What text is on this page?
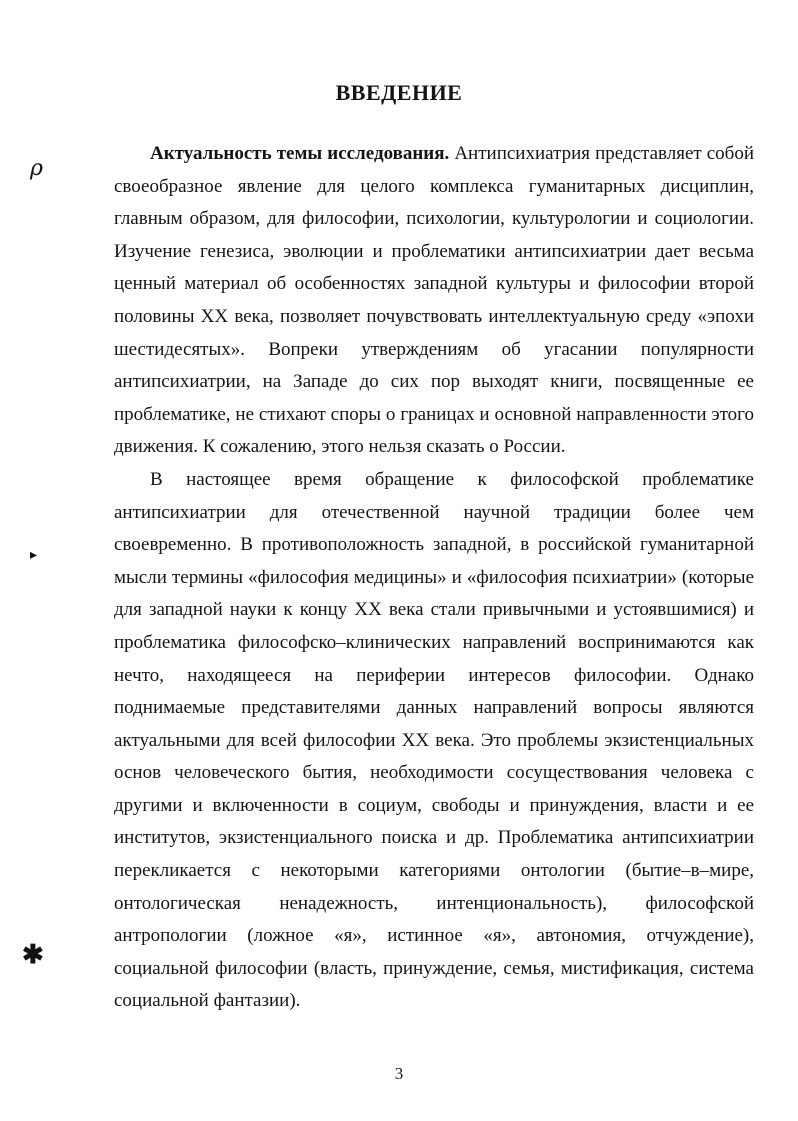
ВВЕДЕНИЕ

Актуальность темы исследования. Антипсихиатрия представляет собой своеобразное явление для целого комплекса гуманитарных дисциплин, главным образом, для философии, психологии, культурологии и социологии. Изучение генезиса, эволюции и проблематики антипсихиатрии дает весьма ценный материал об особенностях западной культуры и философии второй половины XX века, позволяет почувствовать интеллектуальную среду «эпохи шестидесятых». Вопреки утверждениям об угасании популярности антипсихиатрии, на Западе до сих пор выходят книги, посвященные ее проблематике, не стихают споры о границах и основной направленности этого движения. К сожалению, этого нельзя сказать о России.

В настоящее время обращение к философской проблематике антипсихиатрии для отечественной научной традиции более чем своевременно. В противоположность западной, в российской гуманитарной мысли термины «философия медицины» и «философия психиатрии» (которые для западной науки к концу XX века стали привычными и устоявшимися) и проблематика философско–клинических направлений воспринимаются как нечто, находящееся на периферии интересов философии. Однако поднимаемые представителями данных направлений вопросы являются актуальными для всей философии XX века. Это проблемы экзистенциальных основ человеческого бытия, необходимости сосуществования человека с другими и включенности в социум, свободы и принуждения, власти и ее институтов, экзистенциального поиска и др. Проблематика антипсихиатрии перекликается с некоторыми категориями онтологии (бытие–в–мире, онтологическая ненадежность, интенциональность), философской антропологии (ложное «я», истинное «я», автономия, отчуждение), социальной философии (власть, принуждение, семья, мистификация, система социальной фантазии).

3
ρ
▸
✱
